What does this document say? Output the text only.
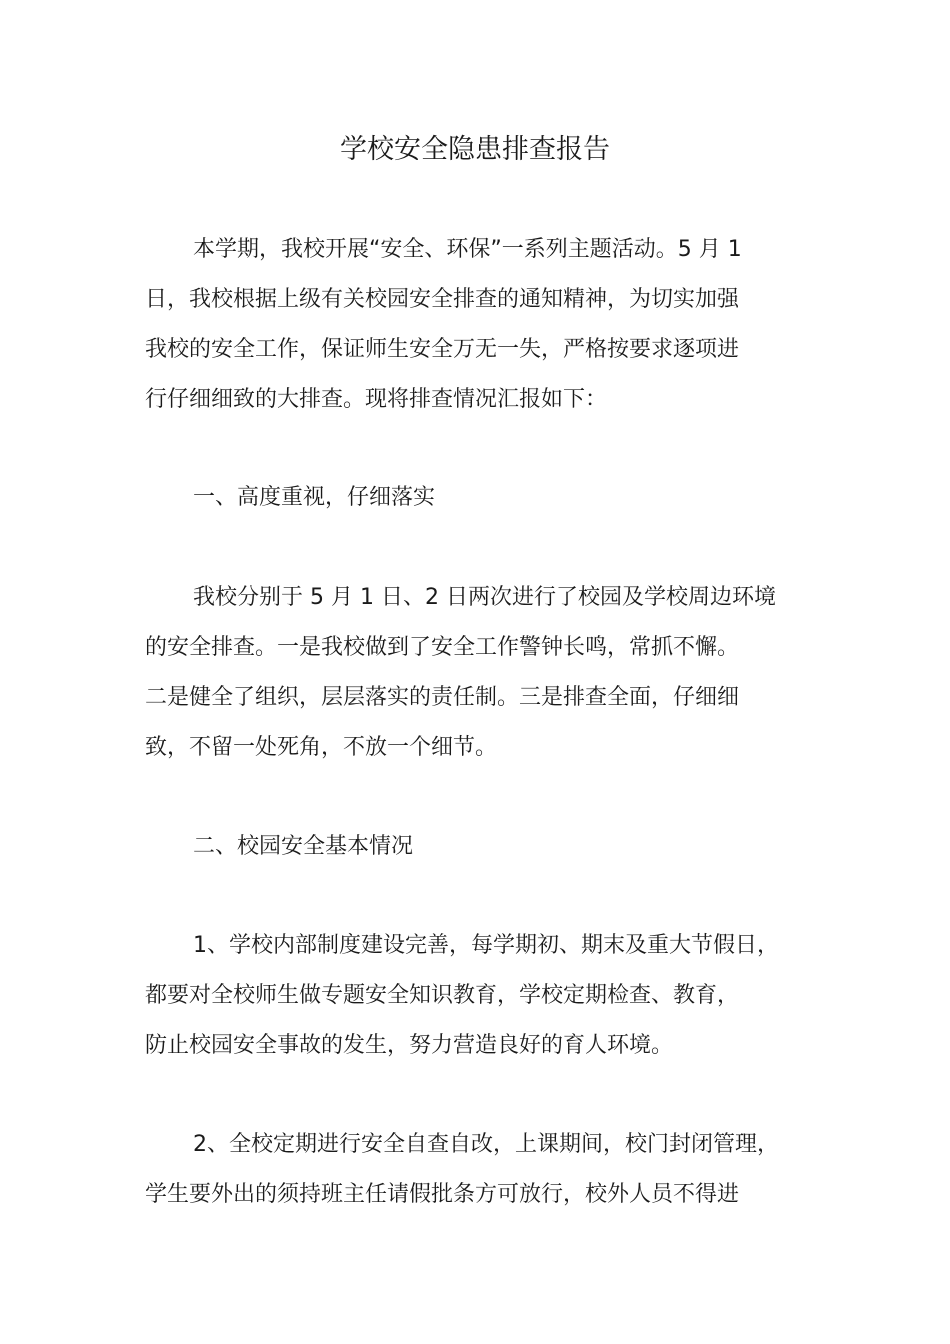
学校安全隐患排查报告

本学期，我校开展“安全、环保”一系列主题活动。5 月 1

日，我校根据上级有关校园安全排查的通知精神，为切实加强

我校的安全工作，保证师生安全万无一失，严格按要求逐项进

行仔细细致的大排查。现将排查情况汇报如下：

一、高度重视，仔细落实

我校分别于 5 月 1 日、2 日两次进行了校园及学校周边环境

的安全排查。一是我校做到了安全工作警钟长鸣，常抓不懈。

二是健全了组织，层层落实的责任制。三是排查全面，仔细细

致，不留一处死角，不放一个细节。

二、校园安全基本情况

1、学校内部制度建设完善，每学期初、期末及重大节假日，

都要对全校师生做专题安全知识教育，学校定期检查、教育，

防止校园安全事故的发生，努力营造良好的育人环境。

2、全校定期进行安全自查自改，上课期间，校门封闭管理，

学生要外出的须持班主任请假批条方可放行，校外人员不得进
